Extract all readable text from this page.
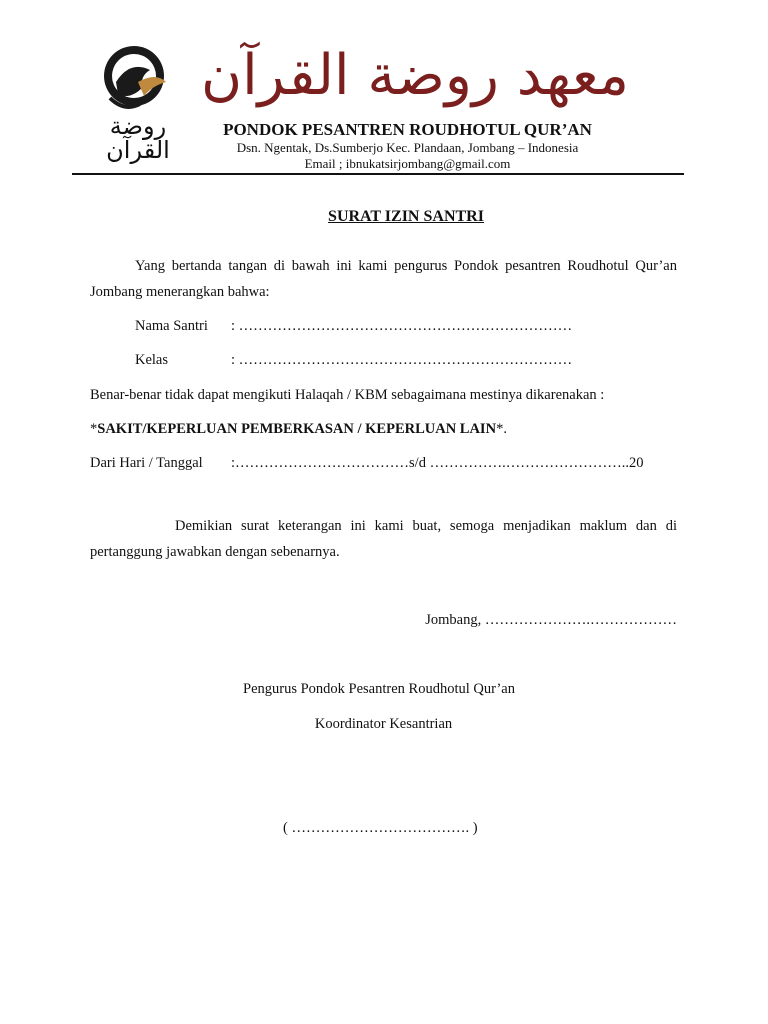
روضة القرآن
معهد روضة القرآن
PONDOK PESANTREN ROUDHOTUL QUR’AN
Dsn. Ngentak, Ds.Sumberjo Kec. Plandaan, Jombang – Indonesia
Email ; ibnukatsirjombang@gmail.com
SURAT IZIN SANTRI
Yang bertanda tangan di bawah ini kami pengurus Pondok pesantren Roudhotul Qur’an Jombang menerangkan bahwa:
Nama Santri : ……………………………………………………………
Kelas	: ……………………………………………………………
Benar-benar tidak dapat mengikuti Halaqah / KBM sebagaimana mestinya dikarenakan :
*SAKIT/KEPERLUAN PEMBERKASAN / KEPERLUAN LAIN*.
Dari Hari / Tanggal :………………………………s/d …………….……………………..20
Demikian surat keterangan ini kami buat, semoga menjadikan maklum dan di pertanggung jawabkan dengan sebenarnya.
Jombang, ………………….………………
Pengurus Pondok Pesantren Roudhotul Qur’an
Koordinator Kesantrian
( ………………………………. )
